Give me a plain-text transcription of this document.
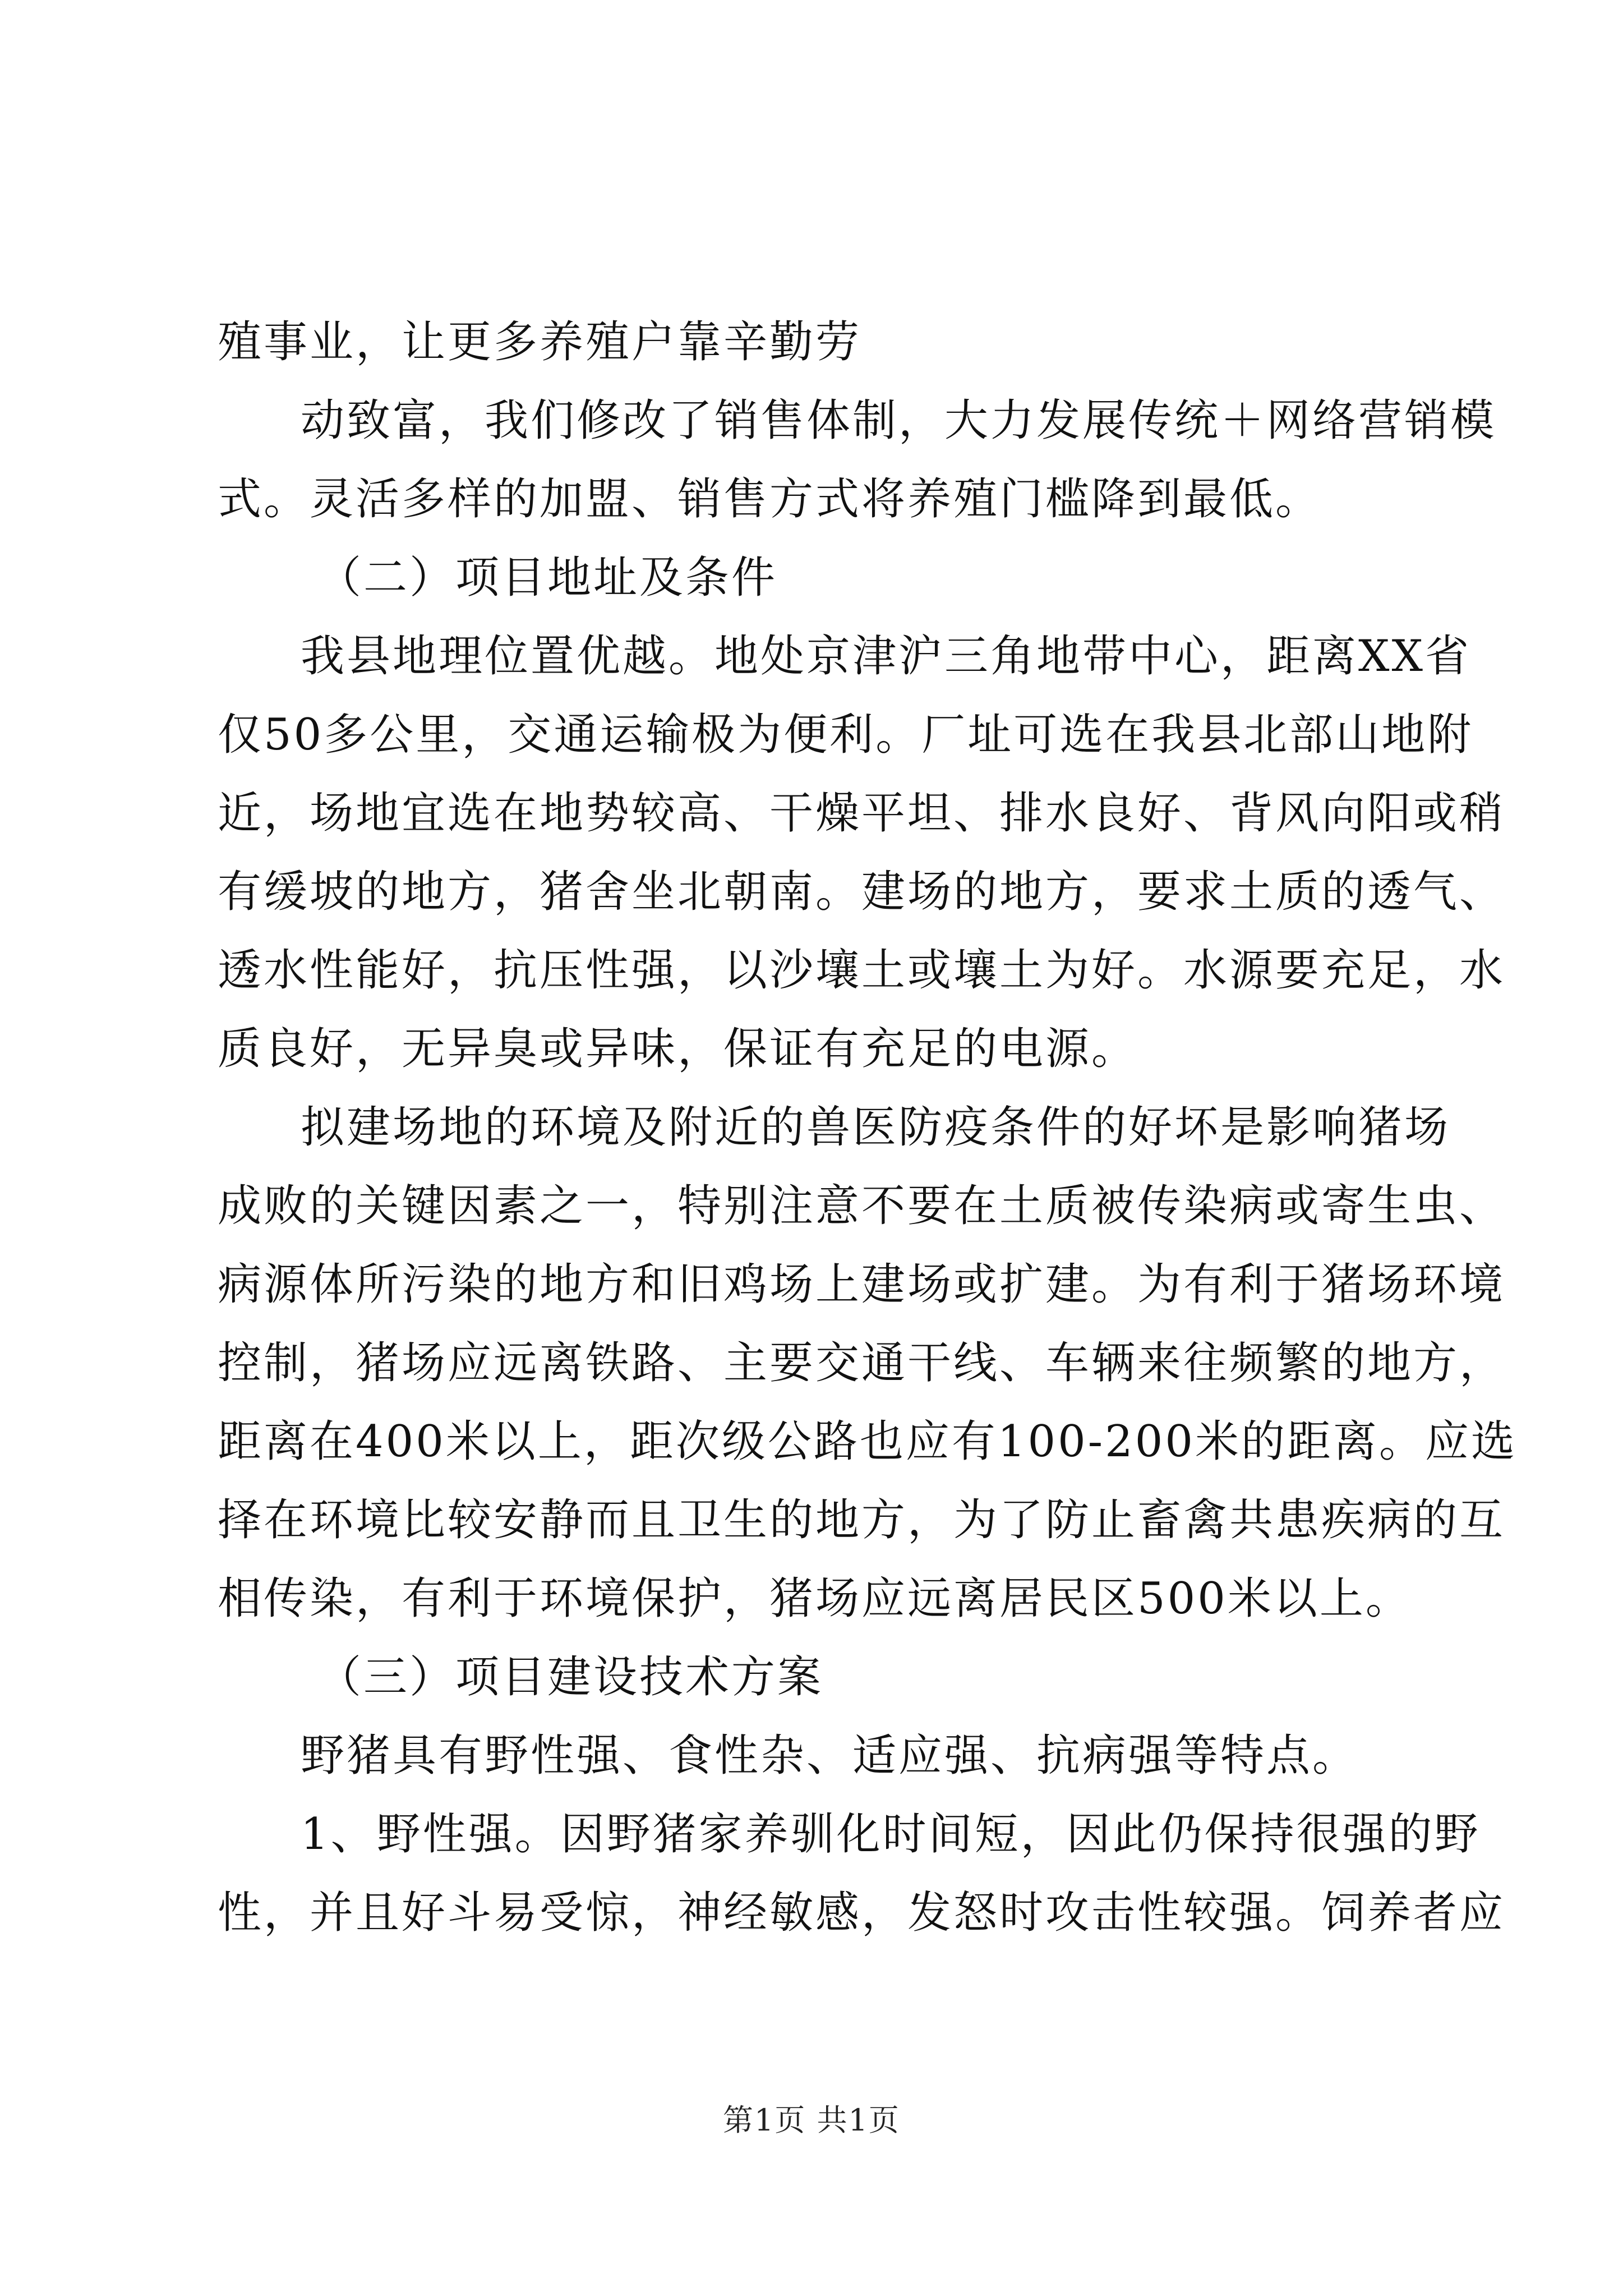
殖事业，让更多养殖户靠辛勤劳
动致富，我们修改了销售体制，大力发展传统＋网络营销模
式。灵活多样的加盟、销售方式将养殖门槛降到最低。
（二）项目地址及条件
我县地理位置优越。地处京津沪三角地带中心，距离XX省
仅50多公里，交通运输极为便利。厂址可选在我县北部山地附
近，场地宜选在地势较高、干燥平坦、排水良好、背风向阳或稍
有缓坡的地方，猪舍坐北朝南。建场的地方，要求土质的透气、
透水性能好，抗压性强，以沙壤土或壤土为好。水源要充足，水
质良好，无异臭或异味，保证有充足的电源。
拟建场地的环境及附近的兽医防疫条件的好坏是影响猪场
成败的关键因素之一，特别注意不要在土质被传染病或寄生虫、
病源体所污染的地方和旧鸡场上建场或扩建。为有利于猪场环境
控制，猪场应远离铁路、主要交通干线、车辆来往频繁的地方，
距离在400米以上，距次级公路也应有100-200米的距离。应选
择在环境比较安静而且卫生的地方，为了防止畜禽共患疾病的互
相传染，有利于环境保护，猪场应远离居民区500米以上。
（三）项目建设技术方案
野猪具有野性强、食性杂、适应强、抗病强等特点。
1、野性强。因野猪家养驯化时间短，因此仍保持很强的野
性，并且好斗易受惊，神经敏感，发怒时攻击性较强。饲养者应
第1页 共1页
